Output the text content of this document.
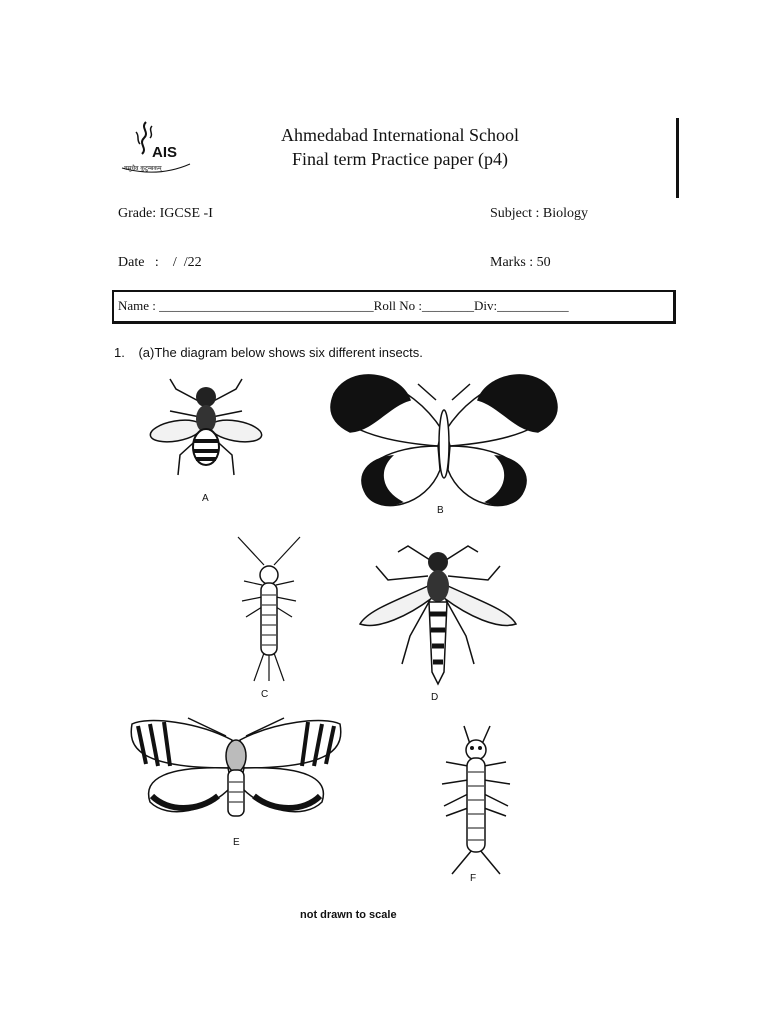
वसुधैव कुटुम्बकम्
AIS
Ahmedabad International School
Final term Practice paper (p4)
Grade: IGCSE -I	Subject : Biology
Date   :    /  /22	Marks : 50
Name : _________________________________Roll No :________Div:___________
1. (a)The diagram below shows six different insects.
A
B
C	D
E
F
not drawn to scale
